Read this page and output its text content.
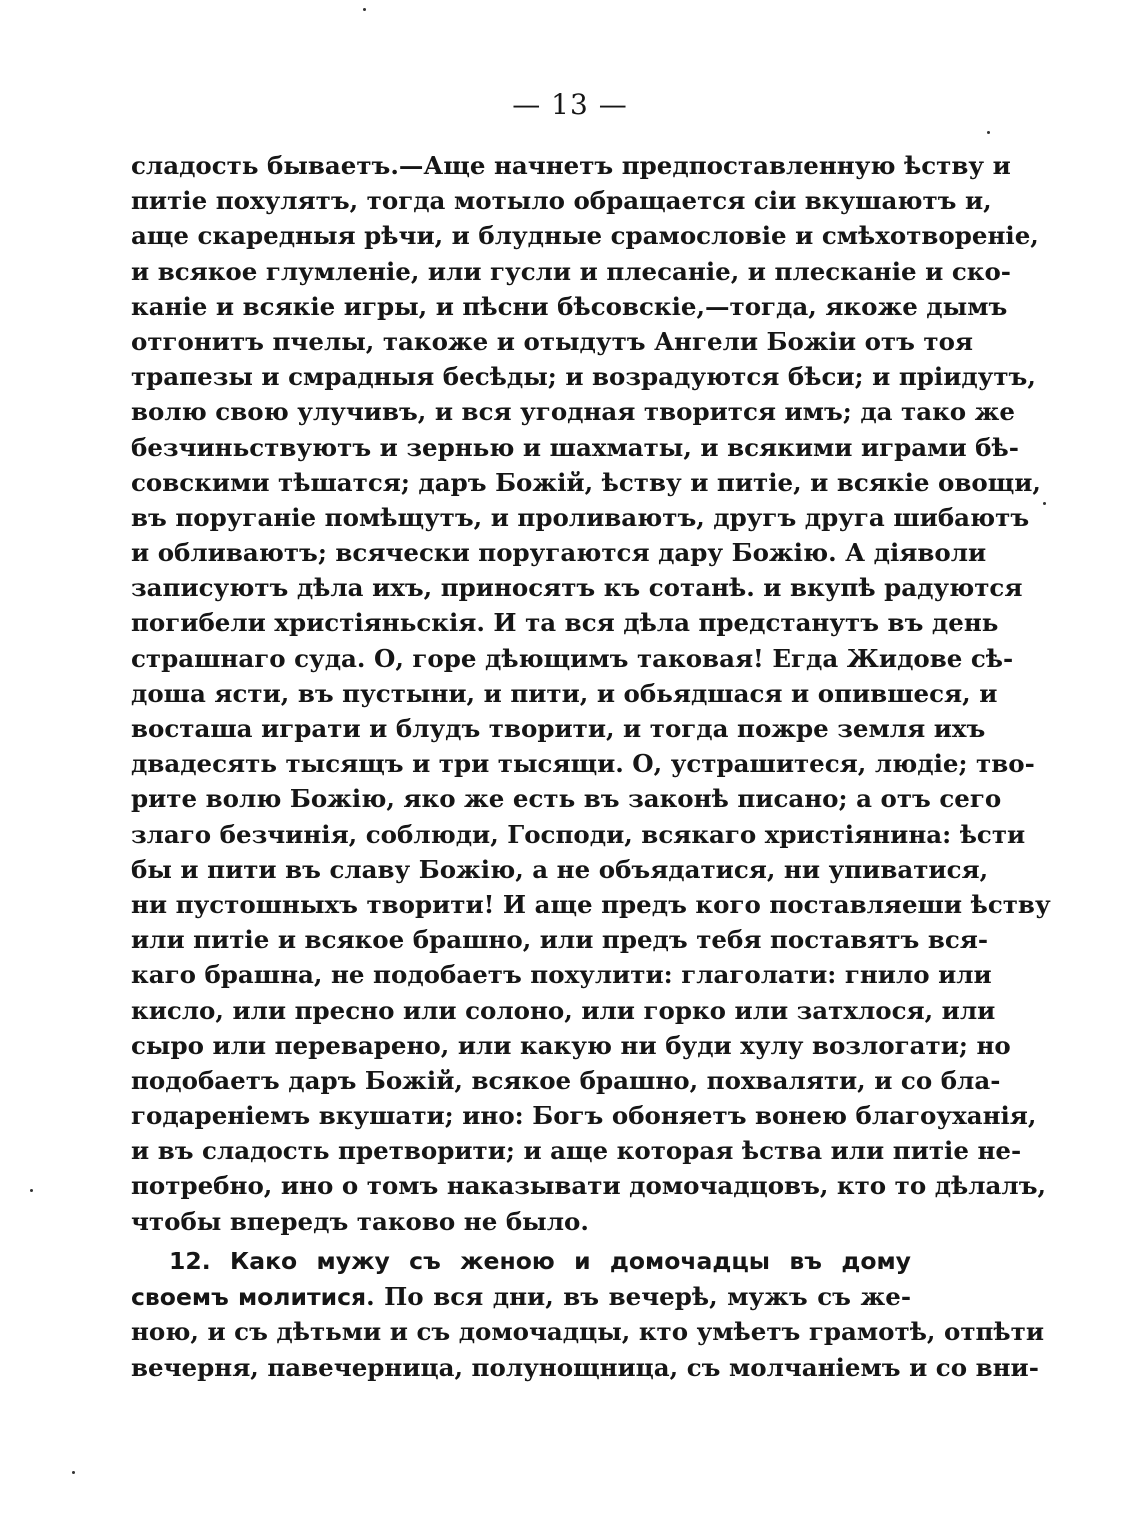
— 13 —
сладость бываетъ.—Аще начнетъ предпоставленную ѣству и
питіе похулятъ, тогда мотыло обращается сіи вкушаютъ и,
аще скаредныя рѣчи, и блудные срамословіе и смѣхотвореніе,
и всякое глумленіе, или гусли и плесаніе, и плесканіе и ско-
каніе и всякіе игры, и пѣсни бѣсовскіе,—тогда, якоже дымъ
отгонитъ пчелы, такоже и отыдутъ Ангели Божіи отъ тоя
трапезы и смрадныя бесѣды; и возрадуются бѣси; и пріидутъ,
волю свою улучивъ, и вся угодная творится имъ; да тако же
безчиньствуютъ и зернью и шахматы, и всякими играми бѣ-
совскими тѣшатся; даръ Божій, ѣству и питіе, и всякіе овощи,
въ поруганіе помѣщутъ, и проливаютъ, другъ друга шибаютъ
и обливаютъ; всячески поругаются дару Божію. А діяволи
записуютъ дѣла ихъ, приносятъ къ сотанѣ. и вкупѣ радуются
погибели христіяньскія. И та вся дѣла предстанутъ въ день
страшнаго суда. О, горе дѣющимъ таковая! Егда Жидове сѣ-
доша ясти, въ пустыни, и пити, и обьядшася и опившеся, и
восташа играти и блудъ творити, и тогда пожре земля ихъ
двадесять тысящъ и три тысящи. О, устрашитеся, людіе; тво-
рите волю Божію, яко же есть въ законѣ писано; а отъ сего
злаго безчинія, соблюди, Господи, всякаго христіянина: ѣсти
бы и пити въ славу Божію, а не объядатися, ни упиватися,
ни пустошныхъ творити! И аще предъ кого поставляеши ѣству
или питіе и всякое брашно, или предъ тебя поставятъ вся-
каго брашна, не подобаетъ похулити: глаголати: гнило или
кисло, или пресно или солоно, или горко или затхлося, или
сыро или переварено, или какую ни буди хулу возлогати; но
подобаетъ даръ Божій, всякое брашно, похваляти, и со бла-
годареніемъ вкушати; ино: Богъ обоняетъ вонею благоуханія,
и въ сладость претворити; и аще которая ѣства или питіе не-
потребно, ино о томъ наказывати домочадцовъ, кто то дѣлалъ,
чтобы впередъ таково не было.
12. Како мужу съ женою и домочадцы въ дому
своемъ молитися. По вся дни, въ вечерѣ, мужъ съ же-
ною, и съ дѣтьми и съ домочадцы, кто умѣетъ грамотѣ, отпѣти
вечерня, павечерница, полунощница, съ молчаніемъ и со вни-
